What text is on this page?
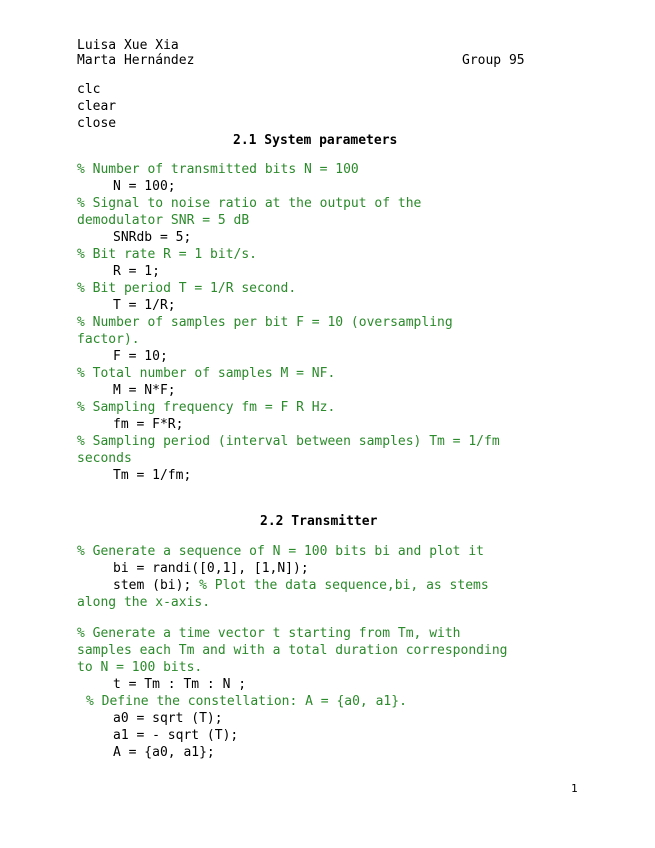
Luisa Xue Xia
Marta Hernández	Group 95
clc
clear
close
2.1 System parameters
% Number of transmitted bits N = 100
N = 100;
% Signal to noise ratio at the output of the
demodulator SNR = 5 dB
SNRdb = 5;
% Bit rate R = 1 bit/s.
R = 1;
% Bit period T = 1/R second.
T = 1/R;
% Number of samples per bit F = 10 (oversampling
factor).
F = 10;
% Total number of samples M = NF.
M = N*F;
% Sampling frequency fm = F R Hz.
fm = F*R;
% Sampling period (interval between samples) Tm = 1/fm
seconds
Tm = 1/fm;
2.2 Transmitter
% Generate a sequence of N = 100 bits bi and plot it
bi = randi([0,1], [1,N]);
stem (bi); % Plot the data sequence,bi, as stems
along the x-axis.
% Generate a time vector t starting from Tm, with
samples each Tm and with a total duration corresponding
to N = 100 bits.
t = Tm : Tm : N ;
% Define the constellation: A = {a0, a1}.
a0 = sqrt (T);
a1 = - sqrt (T);
A = {a0, a1};
1
